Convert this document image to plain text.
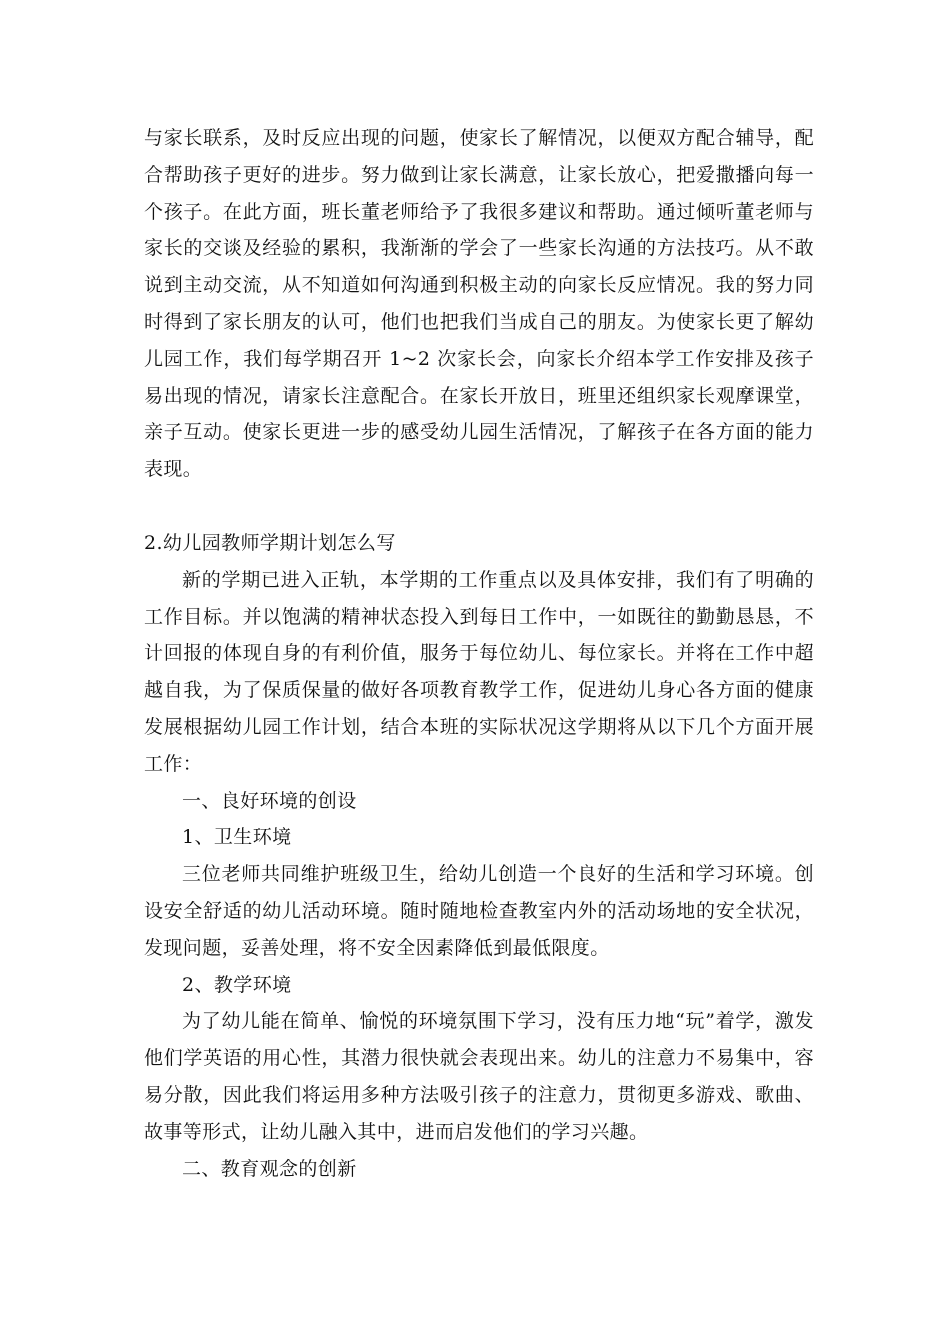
与家长联系，及时反应出现的问题，使家长了解情况，以便双方配合辅导，配合帮助孩子更好的进步。努力做到让家长满意，让家长放心，把爱撒播向每一个孩子。在此方面，班长董老师给予了我很多建议和帮助。通过倾听董老师与家长的交谈及经验的累积，我渐渐的学会了一些家长沟通的方法技巧。从不敢说到主动交流，从不知道如何沟通到积极主动的向家长反应情况。我的努力同时得到了家长朋友的认可，他们也把我们当成自己的朋友。为使家长更了解幼儿园工作，我们每学期召开 1~2 次家长会，向家长介绍本学工作安排及孩子易出现的情况，请家长注意配合。在家长开放日，班里还组织家长观摩课堂，亲子互动。使家长更进一步的感受幼儿园生活情况，了解孩子在各方面的能力表现。

2.幼儿园教师学期计划怎么写

新的学期已进入正轨，本学期的工作重点以及具体安排，我们有了明确的工作目标。并以饱满的精神状态投入到每日工作中，一如既往的勤勤恳恳，不计回报的体现自身的有利价值，服务于每位幼儿、每位家长。并将在工作中超越自我，为了保质保量的做好各项教育教学工作，促进幼儿身心各方面的健康发展根据幼儿园工作计划，结合本班的实际状况这学期将从以下几个方面开展工作：

一、良好环境的创设

1、卫生环境

三位老师共同维护班级卫生，给幼儿创造一个良好的生活和学习环境。创设安全舒适的幼儿活动环境。随时随地检查教室内外的活动场地的安全状况，发现问题，妥善处理，将不安全因素降低到最低限度。

2、教学环境

为了幼儿能在简单、愉悦的环境氛围下学习，没有压力地“玩”着学，激发他们学英语的用心性，其潜力很快就会表现出来。幼儿的注意力不易集中，容易分散，因此我们将运用多种方法吸引孩子的注意力，贯彻更多游戏、歌曲、故事等形式，让幼儿融入其中，进而启发他们的学习兴趣。

二、教育观念的创新
